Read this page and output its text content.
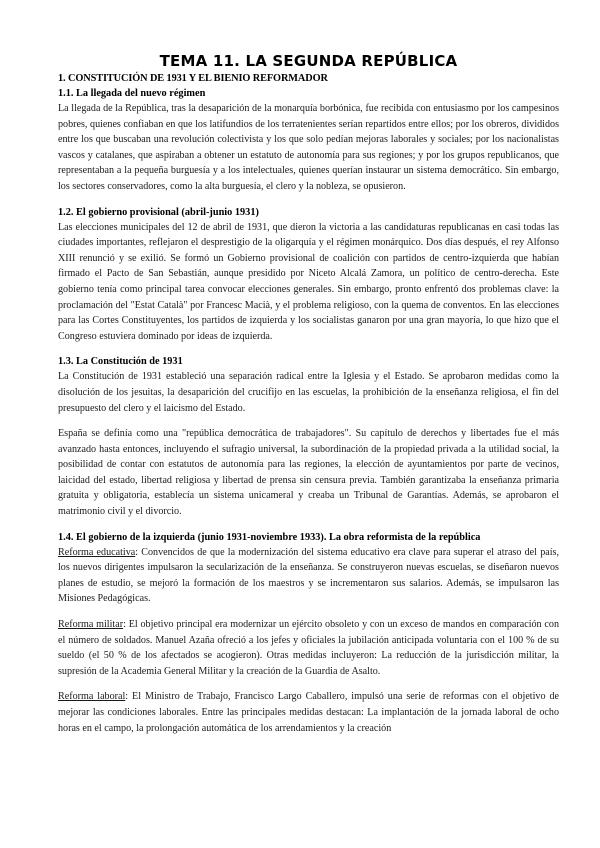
TEMA 11. LA SEGUNDA REPÚBLICA
1. CONSTITUCIÓN DE 1931 Y EL BIENIO REFORMADOR
1.1. La llegada del nuevo régimen

La llegada de la República, tras la desaparición de la monarquía borbónica, fue recibida con entusiasmo por los campesinos pobres, quienes confiaban en que los latifundios de los terratenientes serían repartidos entre ellos; por los obreros, divididos entre los que buscaban una revolución colectivista y los que solo pedían mejoras laborales y sociales; por los nacionalistas vascos y catalanes, que aspiraban a obtener un estatuto de autonomía para sus regiones; y por los grupos republicanos, que representaban a la pequeña burguesía y a los intelectuales, quienes querían instaurar un sistema democrático. Sin embargo, los sectores conservadores, como la alta burguesía, el clero y la nobleza, se opusieron.

1.2. El gobierno provisional (abril-junio 1931)

Las elecciones municipales del 12 de abril de 1931, que dieron la victoria a las candidaturas republicanas en casi todas las ciudades importantes, reflejaron el desprestigio de la oligarquía y el régimen monárquico. Dos días después, el rey Alfonso XIII renunció y se exilió. Se formó un Gobierno provisional de coalición con partidos de centro-izquierda que habían firmado el Pacto de San Sebastián, aunque presidido por Niceto Alcalá Zamora, un político de centro-derecha. Este gobierno tenía como principal tarea convocar elecciones generales. Sin embargo, pronto enfrentó dos problemas clave: la proclamación del "Estat Català" por Francesc Macià, y el problema religioso, con la quema de conventos. En las elecciones para las Cortes Constituyentes, los partidos de izquierda y los socialistas ganaron por una gran mayoría, lo que hizo que el Congreso estuviera dominado por ideas de izquierda.

1.3. La Constitución de 1931

La Constitución de 1931 estableció una separación radical entre la Iglesia y el Estado. Se aprobaron medidas como la disolución de los jesuitas, la desaparición del crucifijo en las escuelas, la prohibición de la enseñanza religiosa, el fin del presupuesto del clero y el laicismo del Estado.

España se definía como una "república democrática de trabajadores". Su capítulo de derechos y libertades fue el más avanzado hasta entonces, incluyendo el sufragio universal, la subordinación de la propiedad privada a la utilidad social, la posibilidad de contar con estatutos de autonomía para las regiones, la elección de ayuntamientos por parte de vecinos, laicidad del estado, libertad religiosa y libertad de prensa sin censura previa. También garantizaba la enseñanza primaria gratuita y obligatoria, establecía un sistema unicameral y creaba un Tribunal de Garantías. Además, se aprobaron el matrimonio civil y el divorcio.

1.4. El gobierno de la izquierda (junio 1931-noviembre 1933). La obra reformista de la república

Reforma educativa: Convencidos de que la modernización del sistema educativo era clave para superar el atraso del país, los nuevos dirigentes impulsaron la secularización de la enseñanza. Se construyeron nuevas escuelas, se diseñaron nuevos planes de estudio, se mejoró la formación de los maestros y se incrementaron sus salarios. Además, se impulsaron las Misiones Pedagógicas.

Reforma militar: El objetivo principal era modernizar un ejército obsoleto y con un exceso de mandos en comparación con el número de soldados. Manuel Azaña ofreció a los jefes y oficiales la jubilación anticipada voluntaria con el 100 % de su sueldo (el 50 % de los afectados se acogieron). Otras medidas incluyeron: La reducción de la jurisdicción militar, la supresión de la Academia General Militar y la creación de la Guardia de Asalto.

Reforma laboral: El Ministro de Trabajo, Francisco Largo Caballero, impulsó una serie de reformas con el objetivo de mejorar las condiciones laborales. Entre las principales medidas destacan: La implantación de la jornada laboral de ocho horas en el campo, la prolongación automática de los arrendamientos y la creación
